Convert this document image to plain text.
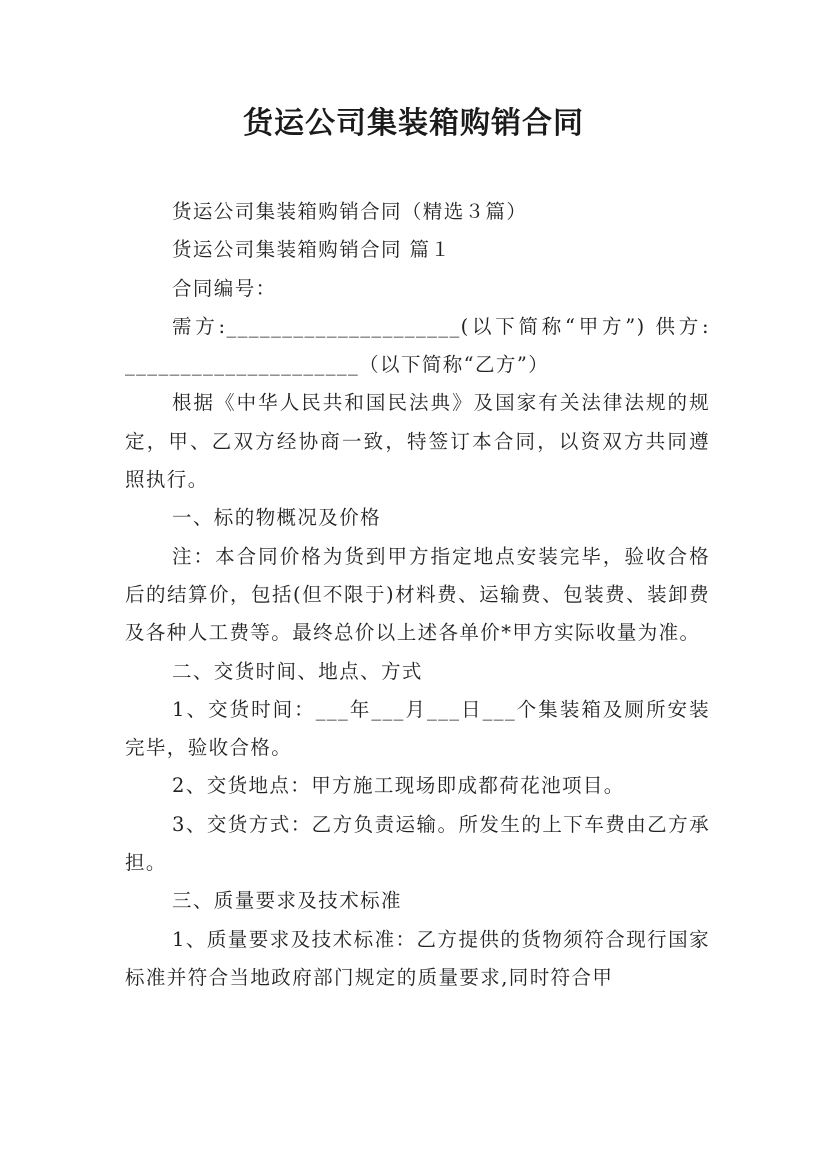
货运公司集装箱购销合同

货运公司集装箱购销合同（精选３篇）

货运公司集装箱购销合同 篇１

合同编号：

需方:_____________________(以下简称“甲方”) 供方: _____________________（以下简称“乙方”）

根据《中华人民共和国民法典》及国家有关法律法规的规定，甲、乙双方经协商一致，特签订本合同，以资双方共同遵照执行。

一、标的物概况及价格

注：本合同价格为货到甲方指定地点安装完毕，验收合格后的结算价，包括(但不限于)材料费、运输费、包装费、装卸费及各种人工费等。最终总价以上述各单价*甲方实际收量为准。

二、交货时间、地点、方式

1、交货时间：___年___月___日___个集装箱及厕所安装完毕，验收合格。

2、交货地点：甲方施工现场即成都荷花池项目。

3、交货方式：乙方负责运输。所发生的上下车费由乙方承担。

三、质量要求及技术标准

1、质量要求及技术标准：乙方提供的货物须符合现行国家标准并符合当地政府部门规定的质量要求,同时符合甲
